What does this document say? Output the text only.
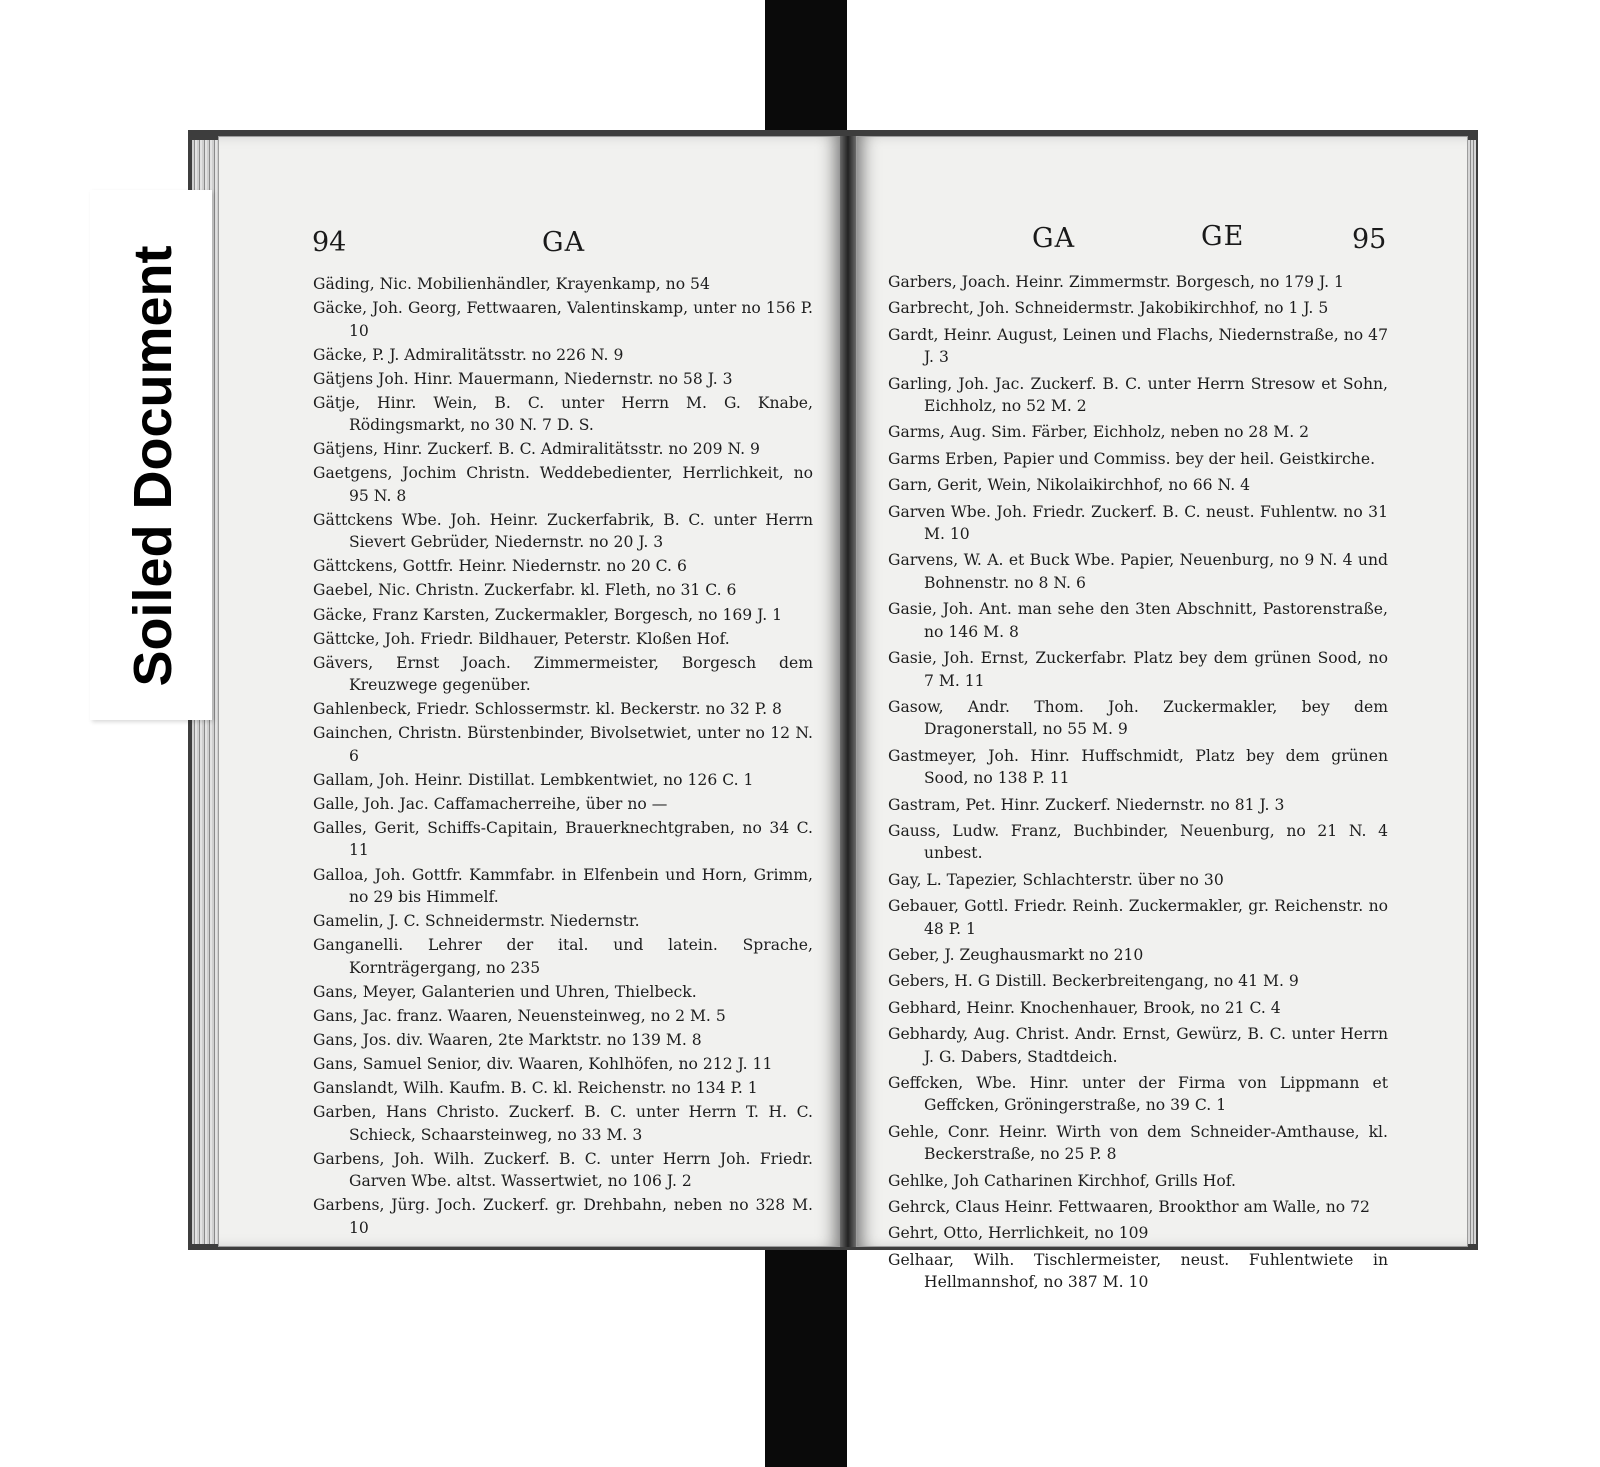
Soiled Document
94	GA	GA	GE	95
Gäding, Nic. Mobilienhändler, Krayenkamp, no 54
Gäcke, Joh. Georg, Fettwaaren, Valentinskamp, unter no 156 P. 10
Gäcke, P. J. Admiralitätsstr. no 226 N. 9
Gätjens Joh. Hinr. Mauermann, Niedernstr. no 58 J. 3
Gätje, Hinr. Wein, B. C. unter Herrn M. G. Knabe, Rödingsmarkt, no 30 N. 7 D. S.
Gätjens, Hinr. Zuckerf. B. C. Admiralitätsstr. no 209 N. 9
Gaetgens, Jochim Christn. Weddebedienter, Herrlichkeit, no 95 N. 8
Gättckens Wbe. Joh. Heinr. Zuckerfabrik, B. C. unter Herrn Sievert Gebrüder, Niedernstr. no 20 J. 3
Gättckens, Gottfr. Heinr. Niedernstr. no 20 C. 6
Gaebel, Nic. Christn. Zuckerfabr. kl. Fleth, no 31 C. 6
Gäcke, Franz Karsten, Zuckermakler, Borgesch, no 169 J. 1
Gättcke, Joh. Friedr. Bildhauer, Peterstr. Kloßen Hof.
Gävers, Ernst Joach. Zimmermeister, Borgesch dem Kreuzwege gegenüber.
Gahlenbeck, Friedr. Schlossermstr. kl. Beckerstr. no 32 P. 8
Gainchen, Christn. Bürstenbinder, Bivolsetwiet, unter no 12 N. 6
Gallam, Joh. Heinr. Distillat. Lembkentwiet, no 126 C. 1
Galle, Joh. Jac. Caffamacherreihe, über no —
Galles, Gerit, Schiffs-Capitain, Brauerknechtgraben, no 34 C. 11
Galloa, Joh. Gottfr. Kammfabr. in Elfenbein und Horn, Grimm, no 29 bis Himmelf.
Gamelin, J. C. Schneidermstr. Niedernstr.
Ganganelli. Lehrer der ital. und latein. Sprache, Kornträgergang, no 235
Gans, Meyer, Galanterien und Uhren, Thielbeck.
Gans, Jac. franz. Waaren, Neuensteinweg, no 2 M. 5
Gans, Jos. div. Waaren, 2te Marktstr. no 139 M. 8
Gans, Samuel Senior, div. Waaren, Kohlhöfen, no 212 J. 11
Ganslandt, Wilh. Kaufm. B. C. kl. Reichenstr. no 134 P. 1
Garben, Hans Christo. Zuckerf. B. C. unter Herrn T. H. C. Schieck, Schaarsteinweg, no 33 M. 3
Garbens, Joh. Wilh. Zuckerf. B. C. unter Herrn Joh. Friedr. Garven Wbe. altst. Wassertwiet, no 106 J. 2
Garbens, Jürg. Joch. Zuckerf. gr. Drehbahn, neben no 328 M. 10
Garbers, Joach. Heinr. Zimmermstr. Borgesch, no 179 J. 1
Garbrecht, Joh. Schneidermstr. Jakobikirchhof, no 1 J. 5
Gardt, Heinr. August, Leinen und Flachs, Niedernstraße, no 47 J. 3
Garling, Joh. Jac. Zuckerf. B. C. unter Herrn Stresow et Sohn, Eichholz, no 52 M. 2
Garms, Aug. Sim. Färber, Eichholz, neben no 28 M. 2
Garms Erben, Papier und Commiss. bey der heil. Geistkirche.
Garn, Gerit, Wein, Nikolaikirchhof, no 66 N. 4
Garven Wbe. Joh. Friedr. Zuckerf. B. C. neust. Fuhlentw. no 31 M. 10
Garvens, W. A. et Buck Wbe. Papier, Neuenburg, no 9 N. 4 und Bohnenstr. no 8 N. 6
Gasie, Joh. Ant. man sehe den 3ten Abschnitt, Pastorenstraße, no 146 M. 8
Gasie, Joh. Ernst, Zuckerfabr. Platz bey dem grünen Sood, no 7 M. 11
Gasow, Andr. Thom. Joh. Zuckermakler, bey dem Dragonerstall, no 55 M. 9
Gastmeyer, Joh. Hinr. Huffschmidt, Platz bey dem grünen Sood, no 138 P. 11
Gastram, Pet. Hinr. Zuckerf. Niedernstr. no 81 J. 3
Gauss, Ludw. Franz, Buchbinder, Neuenburg, no 21 N. 4 unbest.
Gay, L. Tapezier, Schlachterstr. über no 30
Gebauer, Gottl. Friedr. Reinh. Zuckermakler, gr. Reichenstr. no 48 P. 1
Geber, J. Zeughausmarkt no 210
Gebers, H. G Distill. Beckerbreitengang, no 41 M. 9
Gebhard, Heinr. Knochenhauer, Brook, no 21 C. 4
Gebhardy, Aug. Christ. Andr. Ernst, Gewürz, B. C. unter Herrn J. G. Dabers, Stadtdeich.
Geffcken, Wbe. Hinr. unter der Firma von Lippmann et Geffcken, Gröningerstraße, no 39 C. 1
Gehle, Conr. Heinr. Wirth von dem Schneider-Amthause, kl. Beckerstraße, no 25 P. 8
Gehlke, Joh Catharinen Kirchhof, Grills Hof.
Gehrck, Claus Heinr. Fettwaaren, Brookthor am Walle, no 72
Gehrt, Otto, Herrlichkeit, no 109
Gelhaar, Wilh. Tischlermeister, neust. Fuhlentwiete in Hellmannshof, no 387 M. 10
